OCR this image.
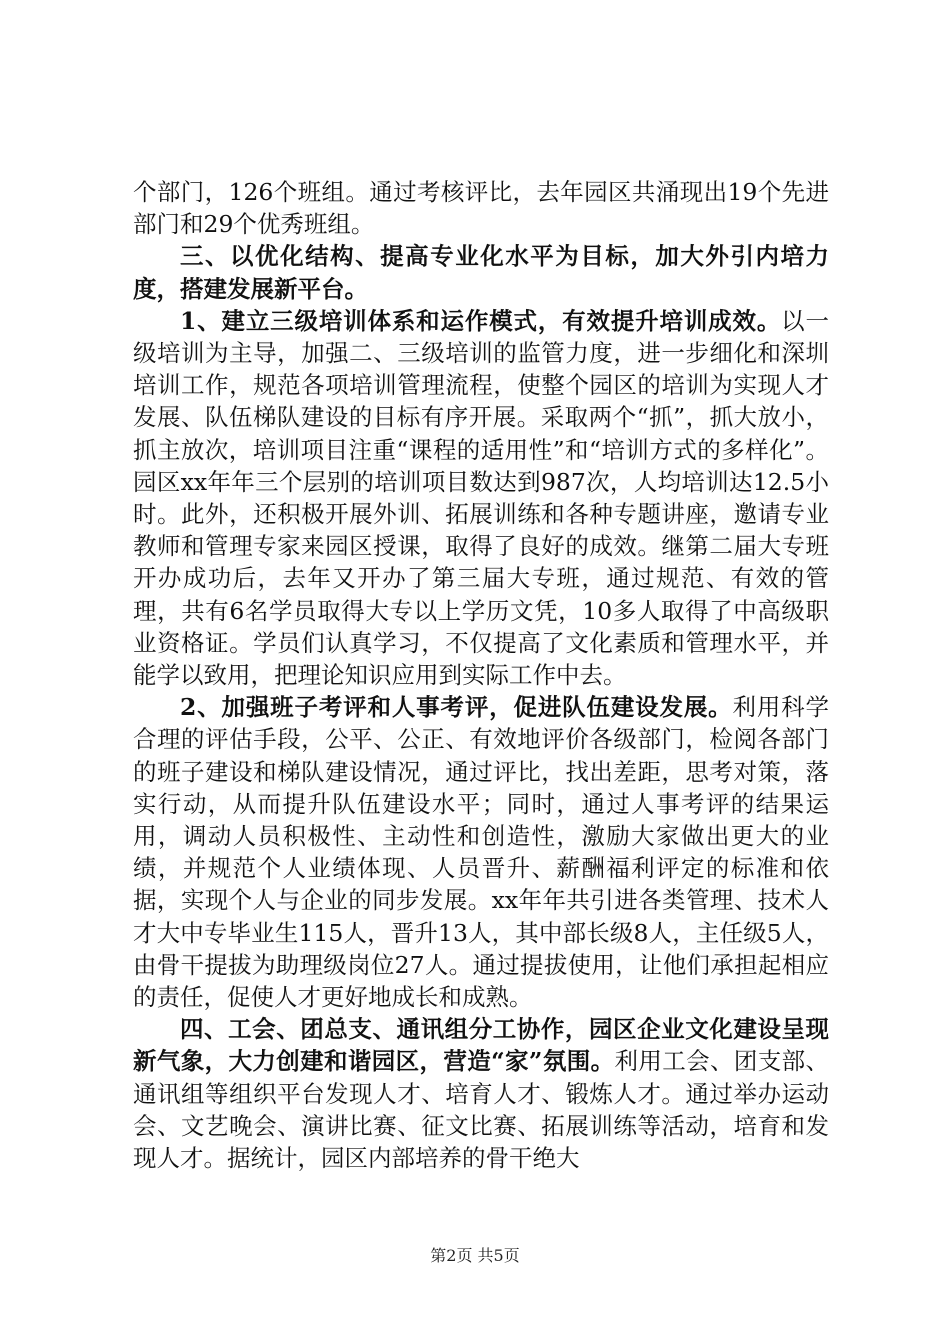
个部门，126个班组。通过考核评比，去年园区共涌现出19个先进部门和29个优秀班组。

三、以优化结构、提高专业化水平为目标，加大外引内培力度，搭建发展新平台。

1、建立三级培训体系和运作模式，有效提升培训成效。以一级培训为主导，加强二、三级培训的监管力度，进一步细化和深圳培训工作，规范各项培训管理流程，使整个园区的培训为实现人才发展、队伍梯队建设的目标有序开展。采取两个“抓”，抓大放小，抓主放次，培训项目注重“课程的适用性”和“培训方式的多样化”。园区xx年年三个层别的培训项目数达到987次，人均培训达12.5小时。此外，还积极开展外训、拓展训练和各种专题讲座，邀请专业教师和管理专家来园区授课，取得了良好的成效。继第二届大专班开办成功后，去年又开办了第三届大专班，通过规范、有效的管理，共有6名学员取得大专以上学历文凭，10多人取得了中高级职业资格证。学员们认真学习，不仅提高了文化素质和管理水平，并能学以致用，把理论知识应用到实际工作中去。

2、加强班子考评和人事考评，促进队伍建设发展。利用科学合理的评估手段，公平、公正、有效地评价各级部门，检阅各部门的班子建设和梯队建设情况，通过评比，找出差距，思考对策，落实行动，从而提升队伍建设水平；同时，通过人事考评的结果运用，调动人员积极性、主动性和创造性，激励大家做出更大的业绩，并规范个人业绩体现、人员晋升、薪酬福利评定的标准和依据，实现个人与企业的同步发展。xx年年共引进各类管理、技术人才大中专毕业生115人，晋升13人，其中部长级8人，主任级5人，由骨干提拔为助理级岗位27人。通过提拔使用，让他们承担起相应的责任，促使人才更好地成长和成熟。

四、工会、团总支、通讯组分工协作，园区企业文化建设呈现新气象，大力创建和谐园区，营造“家”氛围。利用工会、团支部、通讯组等组织平台发现人才、培育人才、锻炼人才。通过举办运动会、文艺晚会、演讲比赛、征文比赛、拓展训练等活动，培育和发现人才。据统计，园区内部培养的骨干绝大

第2页 共5页
